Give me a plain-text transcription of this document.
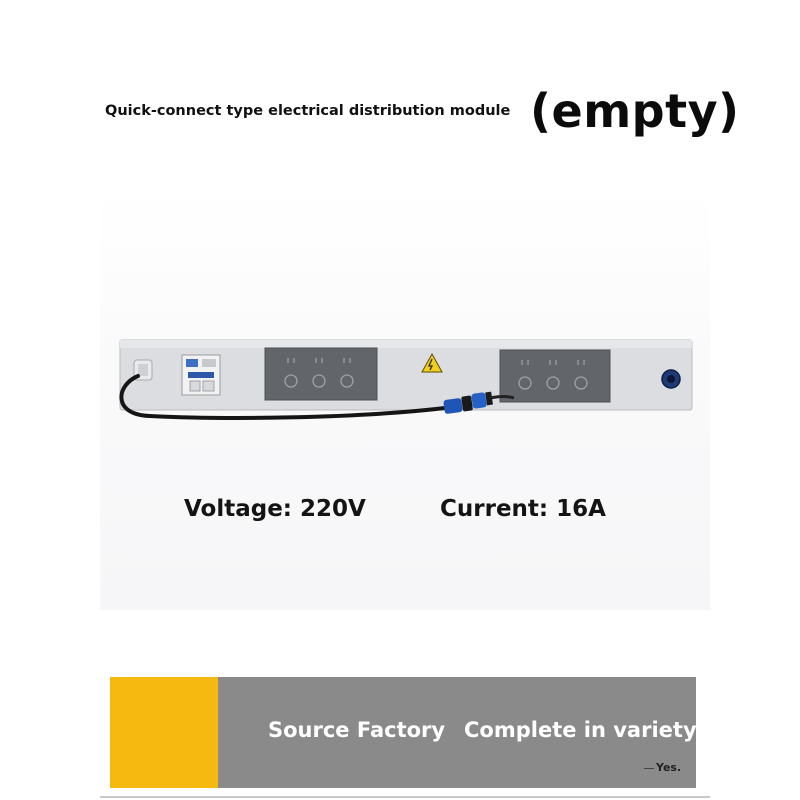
Quick-connect type electrical distribution module (empty)
Voltage: 220V	Current: 16A
Source Factory Complete in variety
Yes.
